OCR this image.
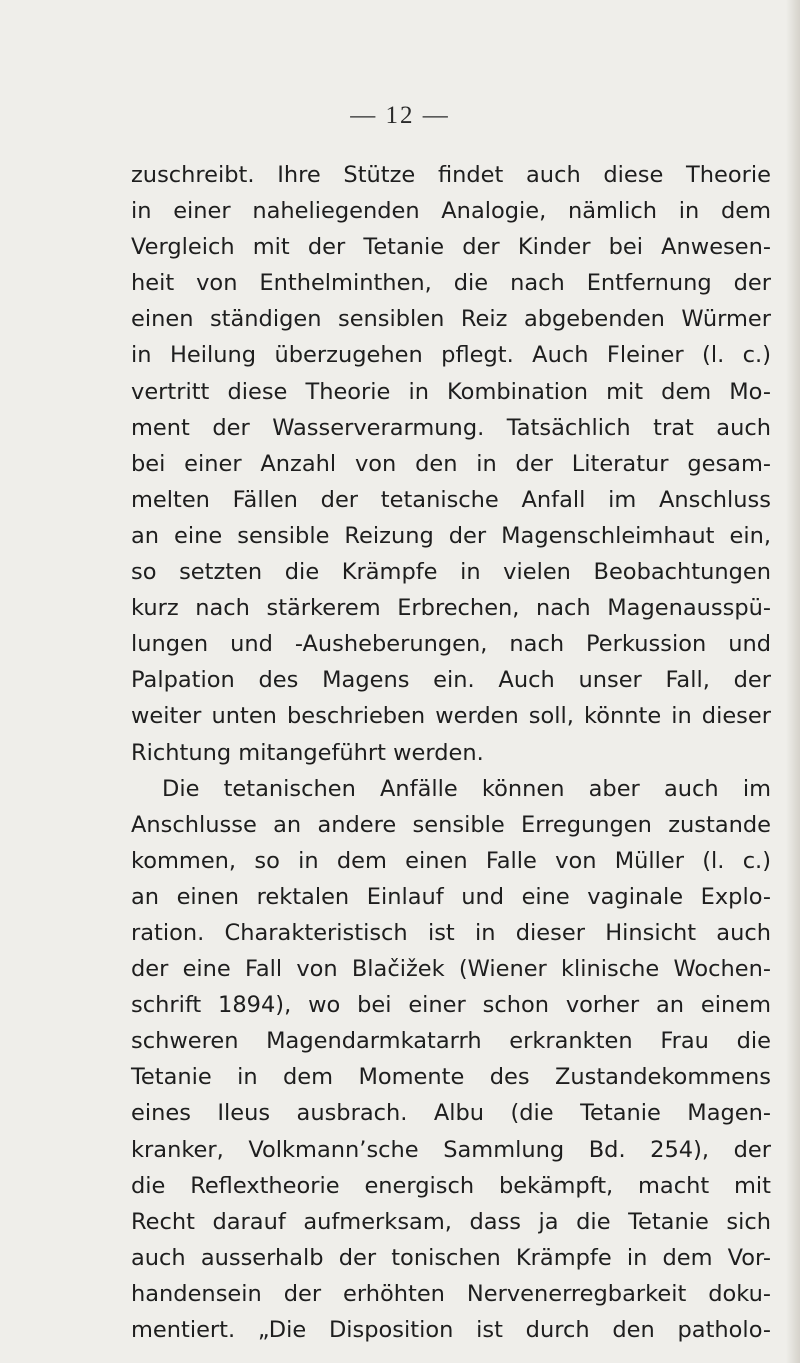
— 12 —
zuschreibt. Ihre Stütze findet auch diese Theorie
in einer naheliegenden Analogie, nämlich in dem
Vergleich mit der Tetanie der Kinder bei Anwesen-
heit von Enthelminthen, die nach Entfernung der
einen ständigen sensiblen Reiz abgebenden Würmer
in Heilung überzugehen pflegt. Auch Fleiner (l. c.)
vertritt diese Theorie in Kombination mit dem Mo-
ment der Wasserverarmung. Tatsächlich trat auch
bei einer Anzahl von den in der Literatur gesam-
melten Fällen der tetanische Anfall im Anschluss
an eine sensible Reizung der Magenschleimhaut ein,
so setzten die Krämpfe in vielen Beobachtungen
kurz nach stärkerem Erbrechen, nach Magenausspü-
lungen und -Ausheberungen, nach Perkussion und
Palpation des Magens ein. Auch unser Fall, der
weiter unten beschrieben werden soll, könnte in dieser
Richtung mitangeführt werden.
Die tetanischen Anfälle können aber auch im
Anschlusse an andere sensible Erregungen zustande
kommen, so in dem einen Falle von Müller (l. c.)
an einen rektalen Einlauf und eine vaginale Explo-
ration. Charakteristisch ist in dieser Hinsicht auch
der eine Fall von Blačižek (Wiener klinische Wochen-
schrift 1894), wo bei einer schon vorher an einem
schweren Magendarmkatarrh erkrankten Frau die
Tetanie in dem Momente des Zustandekommens
eines Ileus ausbrach. Albu (die Tetanie Magen-
kranker, Volkmann’sche Sammlung Bd. 254), der
die Reflextheorie energisch bekämpft, macht mit
Recht darauf aufmerksam, dass ja die Tetanie sich
auch ausserhalb der tonischen Krämpfe in dem Vor-
handensein der erhöhten Nervenerregbarkeit doku-
mentiert. „Die Disposition ist durch den patholo-
